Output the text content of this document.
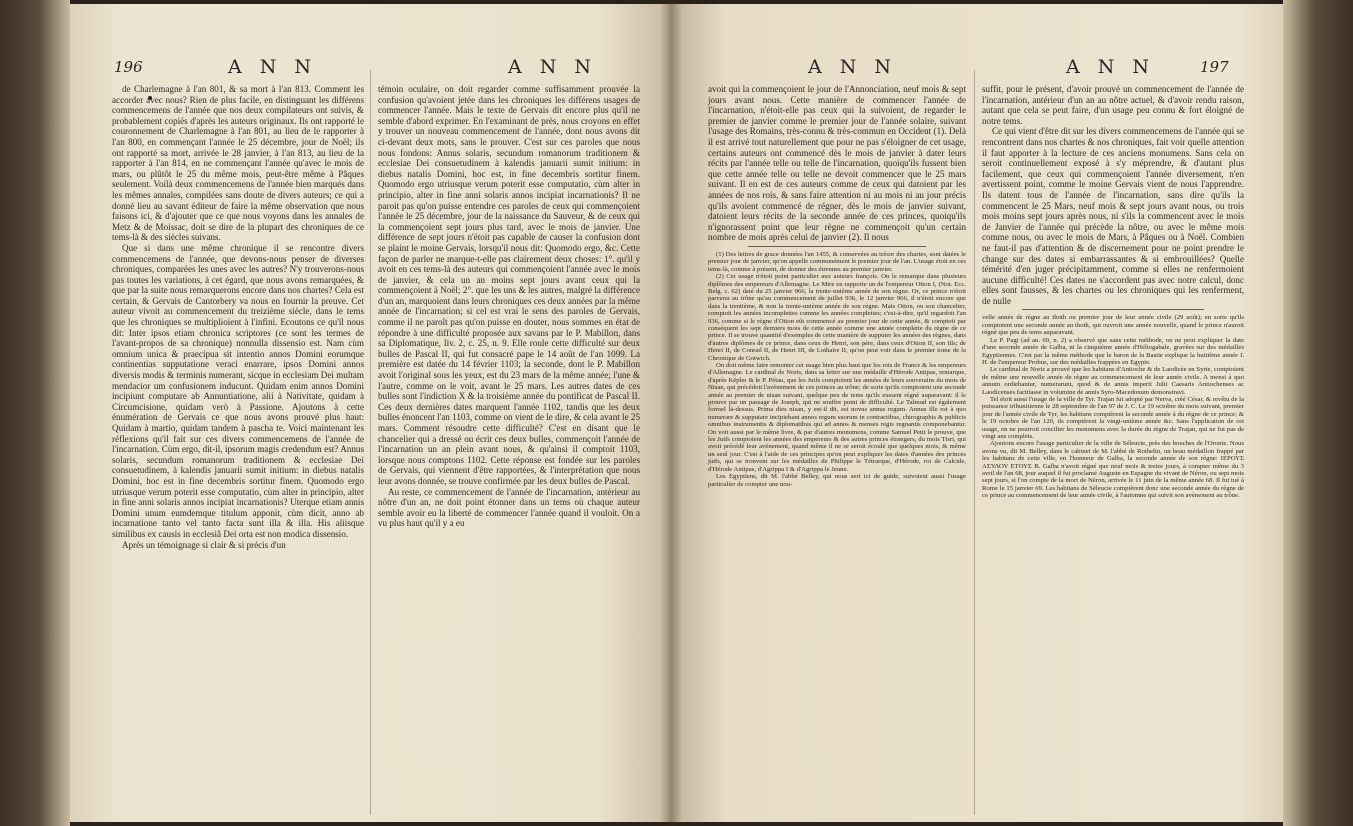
196	A N N	A N N

de Charlemagne à l'an 801, & sa mort à l'an 813. Comment les accorder avec nous? Rien de plus facile, en distinguant les différens commencemens de l'année que nos deux compilateurs ont suivis, & probablement copiés d'après les auteurs originaux. Ils ont rapporté le couronnement de Charlemagne à l'an 801, au lieu de le rapporter à l'an 800, en commençant l'année le 25 décembre, jour de Noël; ils ont rapporté sa mort, arrivée le 28 janvier, à l'an 813, au lieu de la rapporter à l'an 814, en ne commençant l'année qu'avec le mois de mars, ou plûtôt le 25 du même mois, peut-être même à Pâques seulement. Voilà deux commencemens de l'année bien marqués dans les mêmes annales, compilées sans doute de divers auteurs; ce qui a donné lieu au savant éditeur de faire la même observation que nous faisons ici, & d'ajouter que ce que nous voyons dans les annales de Metz & de Moissac, doit se dire de la plupart des chroniques de ce tems-là & des siècles suivans.

Que si dans une même chronique il se rencontre divers commencemens de l'année, que devons-nous penser de diverses chroniques, comparées les unes avec les autres? N'y trouverons-nous pas toutes les variations, à cet égard, que nous avons remarquées, & que par la suite nous remarquerons encore dans nos chartes? Cela est certain, & Gervais de Cantorbery va nous en fournir la preuve. Cet auteur vivoit au commencement du treizième siècle, dans le tems que les chroniques se multiplioient à l'infini. Ecoutons ce qu'il nous dit: Inter ipsos etiam chronica scriptores (ce sont les termes de l'avant-propos de sa chronique) nonnulla dissensio est. Nam cùm omnium unica & praecipua sit intentio annos Domini eorumque continentias supputatione veraci enarrare, ipsos Domini annos diversis modis & terminis numerant, sicque in ecclesiam Dei multam mendacior um confusionem inducunt. Quidam enim annos Domini incipiunt computare ab Annuntiatione, alii à Nativitate, quidam à Circumcisione, quidam verò à Passione. Ajoutons à cette énumération de Gervais ce que nous avons prouvé plus haut: Quidam à martio, quidam tandem à pascha te. Voici maintenant les réflexions qu'il fait sur ces divers commencemens de l'année de l'incarnation. Cùm ergo, dit-il, ipsorum magis credendum est? Annus solaris, secundum romanorum traditionem & ecclesiae Dei consuetudinem, à kalendis januarii sumit initium: in diebus natalis Domini, hoc est in fine decembris sortitur finem. Quomodo ergo utriusque verum poterit esse computatio, cùm alter in principio, alter in fine anni solaris annos incipiat incarnationis? Uterque etiam annis Domini unum eumdemque titulum apponit, cùm dicit, anno ab incarnatione tanto vel tanto facta sunt illa & illa. His aliisque similibus ex causis in ecclesiâ Dei orta est non modica dissensio.

Après un témoignage si clair & si précis d'un

témoin oculaire, on doit regarder comme suffisamment prouvée la confusion qu'avoient jetée dans les chroniques les différens usages de commencer l'année. Mais le texte de Gervais dit encore plus qu'il ne semble d'abord exprimer. En l'examinant de près, nous croyons en effet y trouver un nouveau commencement de l'année, dont nous avons dit ci-devant deux mots, sans le prouver. C'est sur ces paroles que nous nous fondons: Annus solaris, secundum romanorum traditionem & ecclesiae Dei consuetudinem à kalendis januarii sumit initium: in diebus natalis Domini, hoc est, in fine decembris sortitur finem. Quomodo ergo utriusque verum poterit esse computatio, cùm alter in principio, alter in fine anni solaris annos incipiat incarnationis? Il ne paroit pas qu'on puisse entendre ces paroles de ceux qui commençoient l'année le 25 décembre, jour de la naissance du Sauveur, & de ceux qui la commençoient sept jours plus tard, avec le mois de janvier. Une différence de sept jours n'étoit pas capable de causer la confusion dont se plaint le moine Gervais, lorsqu'il nous dit: Quomodo ergo, &c. Cette façon de parler ne marque-t-elle pas clairement deux choses: 1°. qu'il y avoit en ces tems-là des auteurs qui commençoient l'année avec le mois de janvier, & cela un an moins sept jours avant ceux qui la commençoient à Noël; 2°. que les uns & les autres, malgré la différence d'un an, marquoient dans leurs chroniques ces deux années par la même année de l'incarnation; si cel est vrai le sens des paroles de Gervais, comme il ne paroît pas qu'on puisse en douter, nous sommes en état de répondre à une difficulté proposée aux savans par le P. Mabillon, dans sa Diplomatique, liv. 2, c. 25, n. 9. Elle roule cette difficulté sur deux bulles de Pascal II, qui fut consacré pape le 14 août de l'an 1099. La première est datée du 14 février 1103; la seconde, dont le P. Mabillon avoit l'original sous les yeux, est du 23 mars de la même année; l'une & l'autre, comme on le voit, avant le 25 mars. Les autres dates de ces bulles sont l'indiction X & la troisième année du pontificat de Pascal II. Ces deux dernières dates marquent l'année 1102, tandis que les deux bulles énoncent l'an 1103, comme on vient de le dire, & cela avant le 25 mars. Comment résoudre cette difficulté? C'est en disant que le chancelier qui a dressé ou écrit ces deux bulles, commençoit l'année de l'incarnation un an plein avant nous, & qu'ainsi il comptoit 1103, lorsque nous comptons 1102. Cette réponse est fondée sur les paroles de Gervais, qui viennent d'être rapportées, & l'interprétation que nous leur avons donnée, se trouve confirmée par les deux bulles de Pascal.

Au reste, ce commencement de l'année de l'incarnation, antérieur au nôtre d'un an, ne doit point étonner dans un tems où chaque auteur semble avoir eu la liberté de commencer l'année quand il vouloit. On a vu plus haut qu'il y a eu

A N N	A N N	197

avoit qui la commençoient le jour de l'Annonciation, neuf mois & sept jours avant nous. Cette manière de commencer l'année de l'incarnation, n'étoit-elle pas ceux qui la suivoient, de regarder le premier de janvier comme le premier jour de l'année solaire, suivant l'usage des Romains, très-connu & très-commun en Occident (1). Delà il est arrivé tout naturellement que pour ne pas s'éloigner de cet usage, certains auteurs ont commencé dès le mois de janvier à dater leurs récits par l'année telle ou telle de l'incarnation, quoiqu'ils fussent bien que cette année telle ou telle ne devoit commencer que le 25 mars suivant. Il en est de ces auteurs comme de ceux qui datoient par les années de nos rois, & sans faire attention ni au mois ni au jour précis qu'ils avoient commencé de régner, dès le mois de janvier suivant, datoient leurs récits de la seconde année de ces princes, quoiqu'ils n'ignorassent point que leur règne ne commençoit qu'un certain nombre de mois après celui de janvier (2). Il nous

(1) Des lettres de grace données l'an 1455, & conservées au trésor des chartes, sont datées le premier jour de janvier, qu'on appelle communément le premier jour de l'an. L'usage étoit en ces tems-là, comme à présent, de donner des étrennes au premier janvier.

(2) Cet usage n'étoit point particulier aux auteurs françois. On le remarque dans plusieurs diplômes des empereurs d'Allemagne. Le Mire en rapporte un de l'empereur Otton I, (Not. Ecc. Belg. c. 62) daté du 25 janvier 966, la trente-unième année de son règne. Or, ce prince n'étoit parvenu au trône qu'au commencement de juillet 936, le 12 janvier 966, il n'étoit encore que dans la trentième, & non la trente-unième année de son règne. Mais Otton, ou son chancelier, comptoit les années incomplettes comme les années complettes; c'est-à-dire, qu'il regardoit l'an 936, comme si le règne d'Otton eût commencé au premier jour de cette année, & comptoit par conséquent les sept derniers mois de cette année comme une année complette du règne de ce prince. Il se trouve quantité d'exemples de cette manière de supputer les années des règnes, dans d'autres diplômes de ce prince, dans ceux de Henri, son père, dans ceux d'Otton II, son fils; de Henri II, de Conrad II, de Henri III, de Lothaire II, qu'on peut voir dans le premier tome de la Chronique de Gotwich.

On doit même faire remonter cet usage bien plus haut que les rois de France & les empereurs d'Allemagne. Le cardinal de Noris, dans sa lettre sur une médaille d'Hérode Antipas, remarque, d'après Képler & le P. Pétau, que les Juifs comptoient les années de leurs souverains du mois de Nisan, qui précédoit l'avènement de ces princes au trône; de sorte qu'ils comptoient une seconde année au premier de nisan suivant, quelque peu de tems qu'ils eussent régné auparavant: il le prouve par un passage de Joseph, qui ne souffre point de difficulté. Le Talmud est également formel là-dessus. Prima dies nisan, y est-il dit, est novus annus regum. Annus ille est à quo numerare & supputare incipiebant annos regum suorum in contractibus, chirographis & publicis omnibus instrumentis & diplomatibus qui ad annos & menses regis regnantis componebantur. On voit aussi par le même livre, & par d'autres monumens, comme Samuel Petit le prouve, que les Juifs comptoient les années des empereurs & des autres princes étrangers, du mois Tisri, qui avoit précédé leur avènement, quand même il ne se seroit écoulé que quelques mois, & même un seul jour. C'est à l'aide de ces principes qu'on peut expliquer les dates d'années des princes juifs, qui se trouvent sur les médailles de Philippe le Tétrarque, d'Hérode, roi de Calcide, d'Hérode Antipas, d'Agrippa I & d'Agrippa le Jeune.

Les Egyptiens, dit M. l'abbé Belley, qui nous sert ici de guide, suivoient aussi l'usage particulier de compter une nou-

suffit, pour le présent, d'avoir prouvé un commencement de l'année de l'incarnation, antérieur d'un an au nôtre actuel, & d'avoir rendu raison, autant que cela se peut faire, d'un usage peu connu & fort éloigné de notre tems.

Ce qui vient d'être dit sur les divers commencemens de l'année qui se rencontrent dans nos chartes & nos chroniques, fait voir quelle attention il faut apporter à la lecture de ces anciens monumens. Sans cela on seroit continuellement exposé à s'y méprendre, & d'autant plus facilement, que ceux qui commençoient l'année diversement, n'en avertissent point, comme le moine Gervais vient de nous l'apprendre. Ils datent tous de l'année de l'incarnation, sans dire qu'ils la commencent le 25 Mars, neuf mois & sept jours avant nous, ou trois mois moins sept jours après nous, ni s'ils la commencent avec le mois de Janvier de l'année qui précède la nôtre, ou avec le même mois comme nous, ou avec le mois de Mars, à Pâques ou à Noël. Combien ne faut-il pas d'attention & de discernement pour ne point prendre le change sur des dates si embarrassantes & si embrouillées? Quelle témérité d'en juger précipitamment, comme si elles ne renfermoient aucune difficulté! Ces dates ne s'accordent pas avec notre calcul, donc elles sont fausses, & les chartes ou les chroniques qui les renferment, de nulle

velle année de règne au thoth ou premier jour de leur année civile (29 août); en sorte qu'ils comptoient une seconde année au thoth, qui ouvroit une année nouvelle, quand le prince n'auroit régné que peu de tems auparavant.

Le P. Pagi (ad an. 69, n. 2) a observé que sans cette méthode, on ne peut expliquer la date d'une seconde année de Galba, ni la cinquième année d'Héliogabale, gravées sur des médailles Egyptiennes. C'est par la même méthode que le baron de la Bastie explique la huitième année I. H. de l'empereur Probus, sur des médailles frappées en Egypte.

Le cardinal de Noris a prouvé que les habitans d'Antioche & de Laodicée en Syrie, comptoient de même une nouvelle année de règne au commencement de leur année civile. A mensi à quo annum ordiebantur, numerarunt, quod & de annis imperii Julii Caesaris Antiochenses ac Laodicenses factitasse in volumine de annis Syro-Macedonum demonstravi.

Tel étoit aussi l'usage de la ville de Tyr. Trajan fut adopté par Nerva, créé César, & revêtu de la puissance tribunitienne le 28 septembre de l'an 97 de J. C. Le 19 octobre du mois suivant, premier jour de l'année civile de Tyr, les habitans comptèrent la seconde année à du règne de ce prince; & le 19 octobre de l'an 120, ils comptèrent la vingt-unième année &c. Sans l'application de cet usage, on ne pourroit concilier les monumens avec la durée du règne de Trajan, qui ne fut pas de vingt ans complets.

Ajoutons encore l'usage particulier de la ville de Séleucie, près des bouches de l'Oronte. Nous avons vu, dit M. Belley, dans le cabinet de M. l'abbé de Rothelin, un beau médaillon frappé par les habitans de cette ville, en l'honneur de Galba, la seconde année de son règne: ΙΕΡΟΥΣ ΑΣΥΛΟΥ ΕΤΟΥΣ Β. Galba n'avoit régné que neuf mois & treize jours, à compter même du 3 avril de l'an 68, jour auquel il fut proclamé Auguste en Espagne du vivant de Néron, ou sept mois sept jours, si l'on compte de la mort de Néron, arrivée le 11 juin de la même année 68. Il fut tué à Rome le 15 janvier 69. Les habitans de Séleucie comptèrent donc une seconde année du règne de ce prince au commencement de leur année civile, à l'automne qui suivit son avènement au trône.
